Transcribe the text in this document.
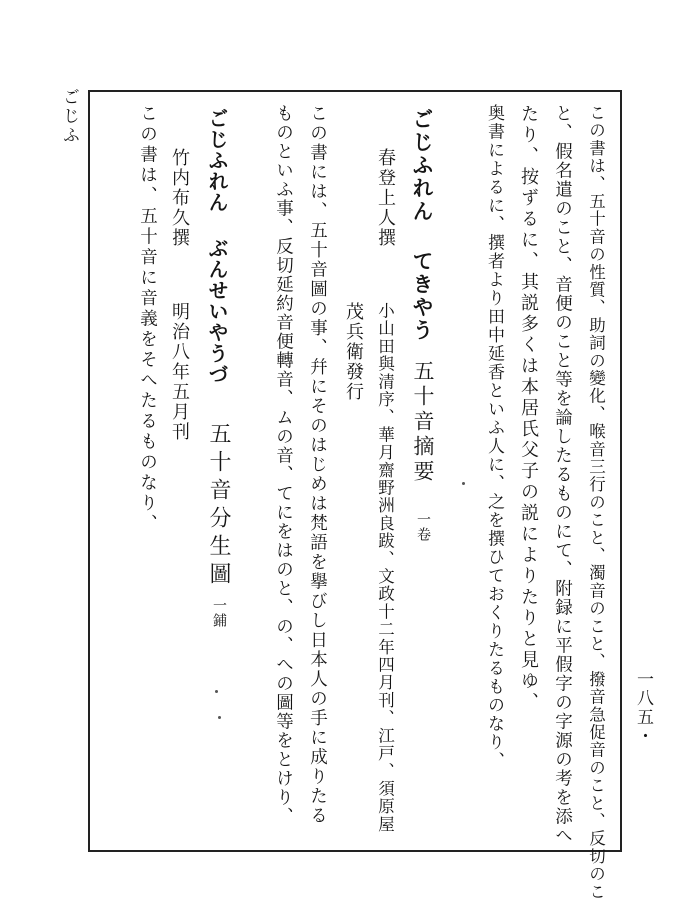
ごじふ
一八五・
この書は、五十音の性質、助詞の變化、喉音三行のこと、濁音のこと、撥音急促音のこと、反切のこ
と、假名遣のこと、音便のこと等を論したるものにて、附録に平假字の字源の考を添へ
たり、按ずるに、其説多くは本居氏父子の説によりたりと見ゆ、
奥書によるに、撰者より田中延香といふ人に、之を撰ひておくりたるものなり、
ごじふれん てきやう
五十音摘要
一卷
春登上人撰
小山田與清序、華月齋野洲良跋、文政十二年四月刊、江戸、須原屋
茂兵衛發行
この書には、五十音圖の事、幷にそのはじめは梵語を擧びし日本人の手に成りたる
ものといふ事、反切延約音便轉音、ムの音、てにをはのと、の、への圖等をとけり、
ごじふれん ぶんせいやうづ
五十音分生圖
一鋪
竹内布久撰
明治八年五月刊
この書は、五十音に音義をそへたるものなり、
